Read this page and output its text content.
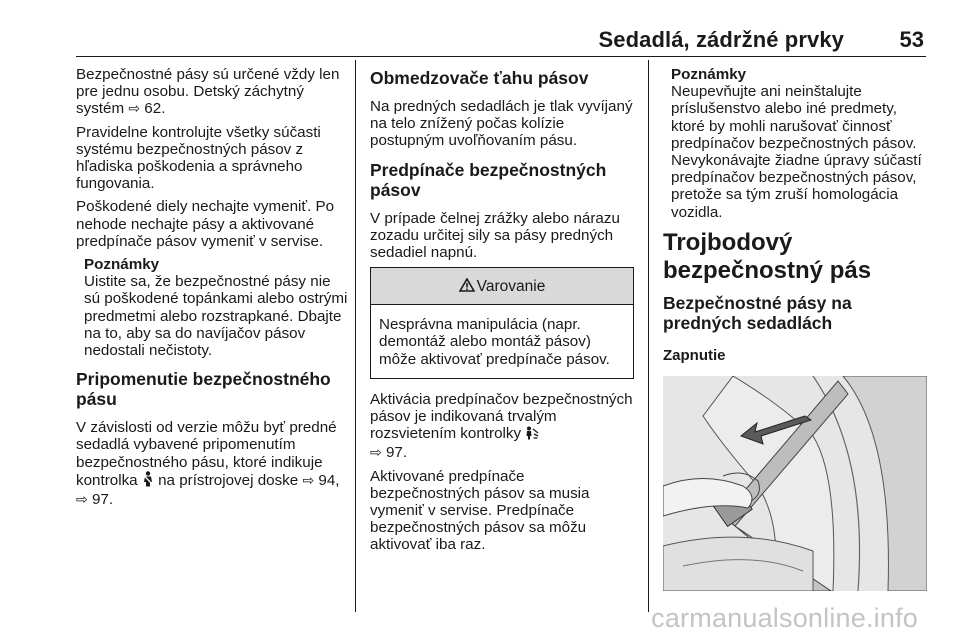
Sedadlá, zádržné prvky	53

Bezpečnostné pásy sú určené vždy len pre jednu osobu. Detský záchytný systém ⇨ 62.

Pravidelne kontrolujte všetky súčasti systému bezpečnostných pásov z hľadiska poškodenia a správneho fungovania.

Poškodené diely nechajte vymeniť. Po nehode nechajte pásy a aktivované predpínače pásov vymeniť v servise.

Poznámky
Uistite sa, že bezpečnostné pásy nie sú poškodené topánkami alebo ostrými predmetmi alebo rozstrapkané. Dbajte na to, aby sa do navíjačov pásov nedostali nečistoty.
Pripomenutie bezpečnostného pásu

V závislosti od verzie môžu byť predné sedadlá vybavené pripomenutím bezpečnostného pásu, ktoré indikuje kontrolka  na prístrojovej doske ⇨ 94, ⇨ 97.

Obmedzovače ťahu pásov

Na predných sedadlách je tlak vyvíjaný na telo znížený počas kolízie postupným uvoľňovaním pásu.

Predpínače bezpečnostných pásov

V prípade čelnej zrážky alebo nárazu zozadu určitej sily sa pásy predných sedadiel napnú.

Varovanie
Nesprávna manipulácia (napr. demontáž alebo montáž pásov) môže aktivovať predpínače pásov.

Aktivácia predpínačov bezpečnostných pásov je indikovaná trvalým rozsvietením kontrolky
⇨ 97.

Aktivované predpínače bezpečnostných pásov sa musia vymeniť v servise. Predpínače bezpečnostných pásov sa môžu aktivovať iba raz.

Poznámky
Neupevňujte ani neinštalujte príslušenstvo alebo iné predmety, ktoré by mohli narušovať činnosť predpínačov bezpečnostných pásov. Nevykonávajte žiadne úpravy súčastí predpínačov bezpečnostných pásov, pretože sa tým zruší homologácia vozidla.
Trojbodový bezpečnostný pás
Bezpečnostné pásy na predných sedadlách
Zapnutie
carmanualsonline.info
